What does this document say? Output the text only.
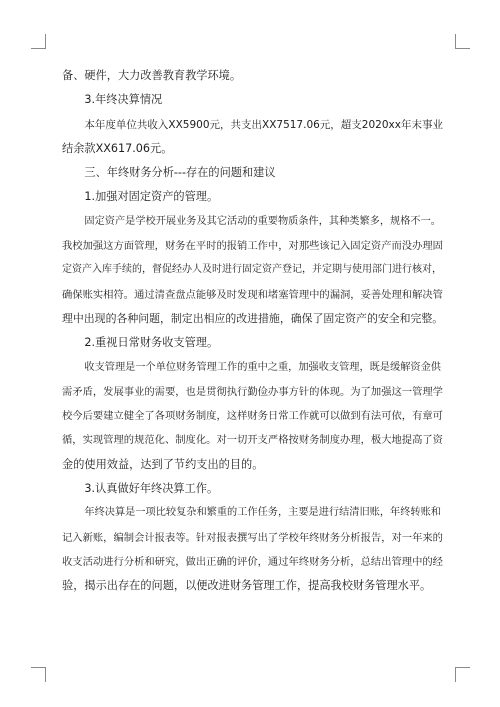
备、硬件，大力改善教育教学环境。
3.年终决算情况
本年度单位共收入XX5900元，共支出XX7517.06元，超支2020xx年末事业
结余款XX617.06元。
三、年终财务分析---存在的问题和建议
1.加强对固定资产的管理。
固定资产是学校开展业务及其它活动的重要物质条件，其种类繁多，规格不一。
我校加强这方面管理，财务在平时的报销工作中，对那些该记入固定资产而没办理固
定资产入库手续的，督促经办人及时进行固定资产登记，并定期与使用部门进行核对，
确保账实相符。通过清查盘点能够及时发现和堵塞管理中的漏洞，妥善处理和解决管
理中出现的各种问题，制定出相应的改进措施，确保了固定资产的安全和完整。
2.重视日常财务收支管理。
收支管理是一个单位财务管理工作的重中之重，加强收支管理，既是缓解资金供
需矛盾，发展事业的需要，也是贯彻执行勤俭办事方针的体现。为了加强这一管理学
校今后要建立健全了各项财务制度，这样财务日常工作就可以做到有法可依，有章可
循，实现管理的规范化、制度化。对一切开支严格按财务制度办理，极大地提高了资
金的使用效益，达到了节约支出的目的。
3.认真做好年终决算工作。
年终决算是一项比较复杂和繁重的工作任务，主要是进行结清旧账，年终转账和
记入新账，编制会计报表等。针对报表撰写出了学校年终财务分析报告，对一年来的
收支活动进行分析和研究，做出正确的评价，通过年终财务分析，总结出管理中的经
验，揭示出存在的问题，以便改进财务管理工作，提高我校财务管理水平。
